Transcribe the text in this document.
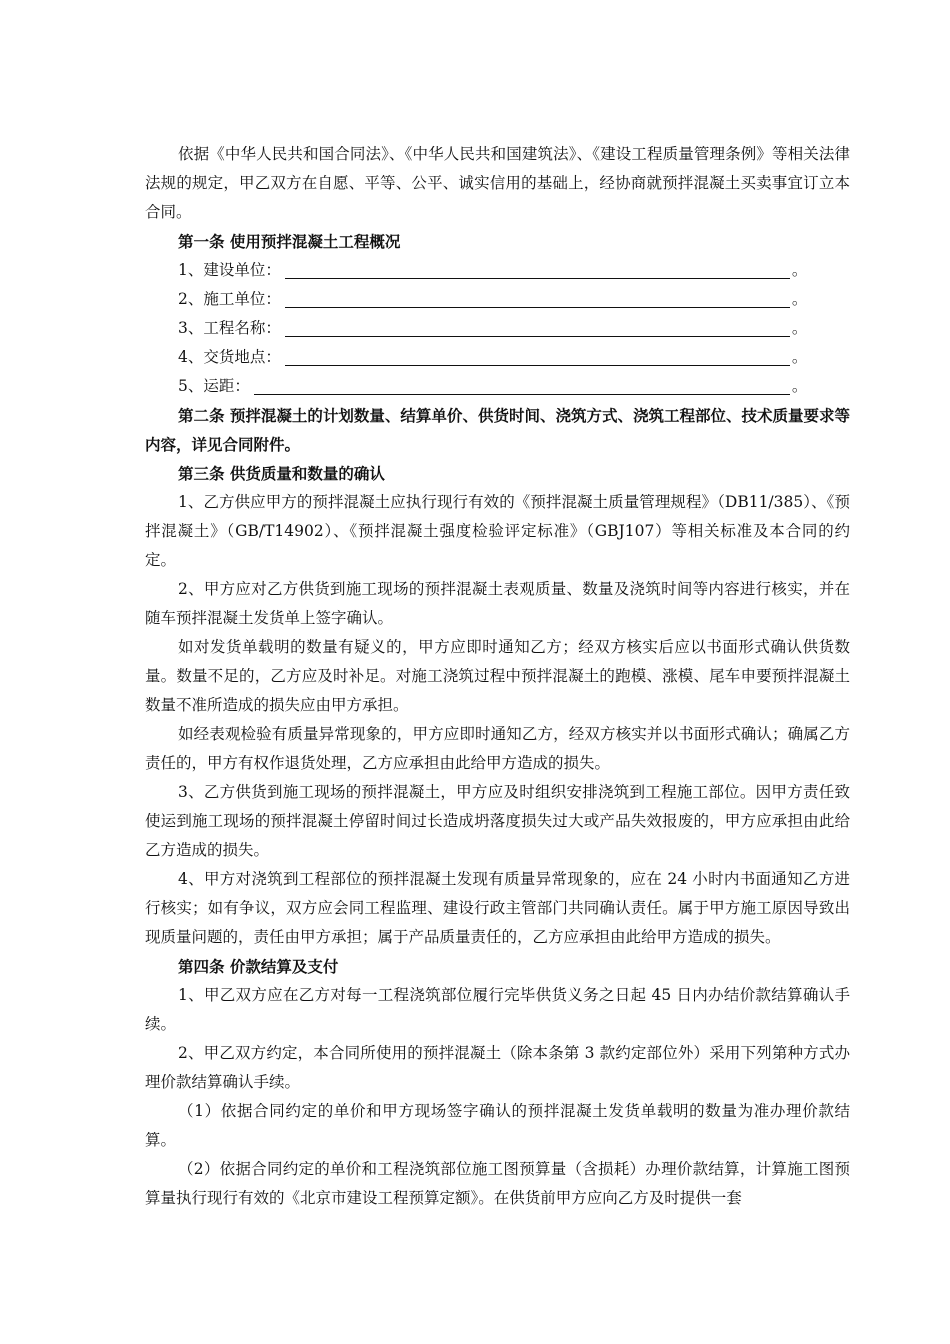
依据《中华人民共和国合同法》、《中华人民共和国建筑法》、《建设工程质量管理条例》等相关法律法规的规定，甲乙双方在自愿、平等、公平、诚实信用的基础上，经协商就预拌混凝土买卖事宜订立本合同。

第一条 使用预拌混凝土工程概况

1、建设单位：	。
2、施工单位：	。
3、工程名称：	。
4、交货地点：	。
5、运距：	。

第二条 预拌混凝土的计划数量、结算单价、供货时间、浇筑方式、浇筑工程部位、技术质量要求等内容，详见合同附件。

第三条 供货质量和数量的确认

1、乙方供应甲方的预拌混凝土应执行现行有效的《预拌混凝土质量管理规程》（DB11/385）、《预拌混凝土》（GB/T14902）、《预拌混凝土强度检验评定标准》（GBJ107）等相关标准及本合同的约定。

2、甲方应对乙方供货到施工现场的预拌混凝土表观质量、数量及浇筑时间等内容进行核实，并在随车预拌混凝土发货单上签字确认。

如对发货单载明的数量有疑义的，甲方应即时通知乙方；经双方核实后应以书面形式确认供货数量。数量不足的，乙方应及时补足。对施工浇筑过程中预拌混凝土的跑模、涨模、尾车申要预拌混凝土数量不准所造成的损失应由甲方承担。

如经表观检验有质量异常现象的，甲方应即时通知乙方，经双方核实并以书面形式确认；确属乙方责任的，甲方有权作退货处理，乙方应承担由此给甲方造成的损失。

3、乙方供货到施工现场的预拌混凝土，甲方应及时组织安排浇筑到工程施工部位。因甲方责任致使运到施工现场的预拌混凝土停留时间过长造成坍落度损失过大或产品失效报废的，甲方应承担由此给乙方造成的损失。

4、甲方对浇筑到工程部位的预拌混凝土发现有质量异常现象的，应在 24 小时内书面通知乙方进行核实；如有争议，双方应会同工程监理、建设行政主管部门共同确认责任。属于甲方施工原因导致出现质量问题的，责任由甲方承担；属于产品质量责任的，乙方应承担由此给甲方造成的损失。

第四条 价款结算及支付

1、甲乙双方应在乙方对每一工程浇筑部位履行完毕供货义务之日起 45 日内办结价款结算确认手续。

2、甲乙双方约定，本合同所使用的预拌混凝土（除本条第 3 款约定部位外）采用下列第种方式办理价款结算确认手续。

（1）依据合同约定的单价和甲方现场签字确认的预拌混凝土发货单载明的数量为准办理价款结算。

（2）依据合同约定的单价和工程浇筑部位施工图预算量（含损耗）办理价款结算，计算施工图预算量执行现行有效的《北京市建设工程预算定额》。在供货前甲方应向乙方及时提供一套
